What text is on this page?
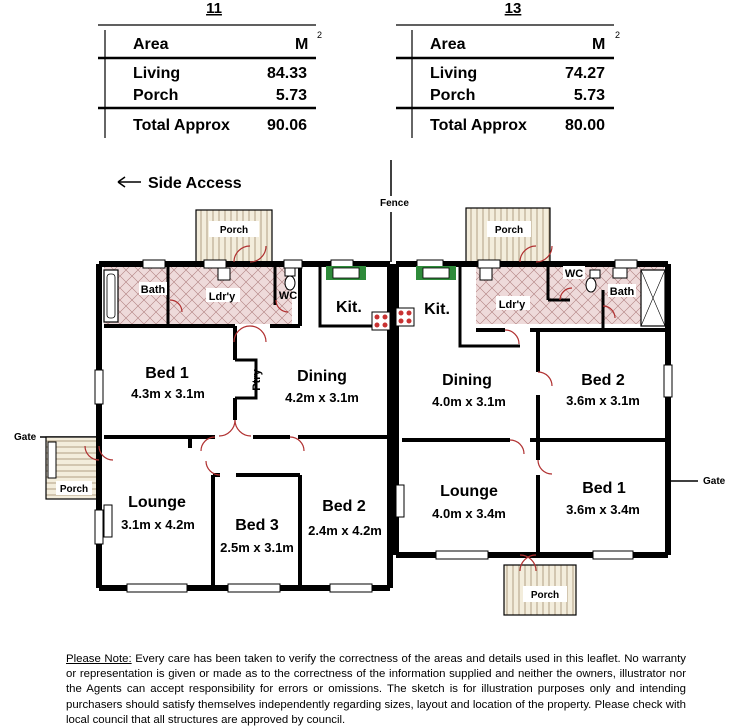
11
Area	M
2
Living	84.33
Porch	5.73
Total Approx 90.06
13
Area	M
2
Living	74.27
Porch	5.73
Total Approx 80.00
Side Access
Fence
Gate
Gate
Porch
Porch
Porch
Porch
Bath
Ldr'y	WC
Kit.
Bed 1
4.3m x 3.1m
Ptry Dining
4.2m x 3.1m
Lounge
3.1m x 4.2m	Bed 3
2.5m x 3.1m
Bed 2
2.4m x 4.2m
Kit.	Ldr'y
WC
Bath
Dining
4.0m x 3.1m
Bed 2
3.6m x 3.1m
Lounge
4.0m x 3.4m
Bed 1
3.6m x 3.4m
Please Note: Every care has been taken to verify the correctness of the areas and details used in this leaflet. No warranty or representation is given or made as to the correctness of the information supplied and neither the owners, illustrator nor the Agents can accept responsibility for errors or omissions. The sketch is for illustration purposes only and intending purchasers should satisfy themselves independently regarding sizes, layout and location of the property. Please check with local council that all structures are approved by council.
